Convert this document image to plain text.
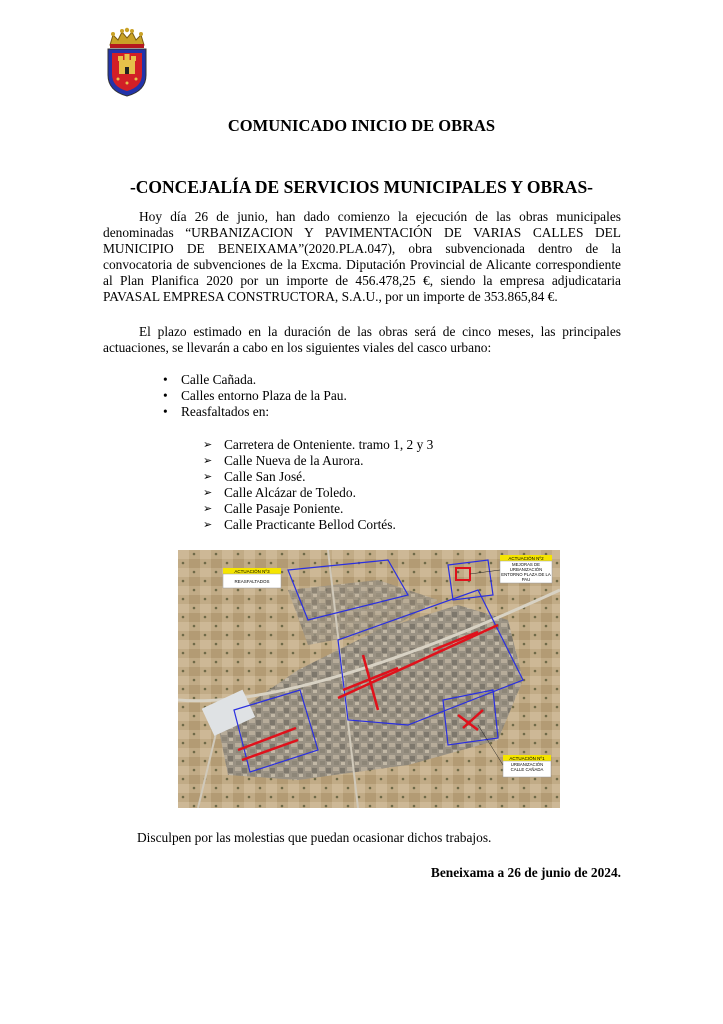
COMUNICADO INICIO DE OBRAS
-CONCEJALÍA DE SERVICIOS MUNICIPALES Y OBRAS-
Hoy día 26 de junio, han dado comienzo la ejecución de las obras municipales denominadas “URBANIZACION Y PAVIMENTACIÓN DE VARIAS CALLES DEL MUNICIPIO DE BENEIXAMA”(2020.PLA.047), obra subvencionada dentro de la convocatoria de subvenciones de la Excma. Diputación Provincial de Alicante correspondiente al Plan Planifica 2020 por un importe de 456.478,25 €, siendo la empresa adjudicataria PAVASAL EMPRESA CONSTRUCTORA, S.A.U., por un importe de 353.865,84 €.
El plazo estimado en la duración de las obras será de cinco meses, las principales actuaciones, se llevarán a cabo en los siguientes viales del casco urbano:
• Calle Cañada.
• Calles entorno Plaza de la Pau.
• Reasfaltados en:
➢ Carretera de Onteniente. tramo 1, 2 y 3
➢ Calle Nueva de la Aurora.
➢ Calle San José.
➢ Calle Alcázar de Toledo.
➢ Calle Pasaje Poniente.
➢ Calle Practicante Bellod Cortés.
ACTUACIÓN Nº3
REASFALTADOS
ACTUACIÓN Nº2
MEJORAS DE URBANIZACIÓN ENTORNO PLAZA DE LA PAU
ACTUACIÓN Nº1
URBANIZACIÓN CALLE CAÑADA
Disculpen por las molestias que puedan ocasionar dichos trabajos.
Beneixama a 26 de junio de 2024.
